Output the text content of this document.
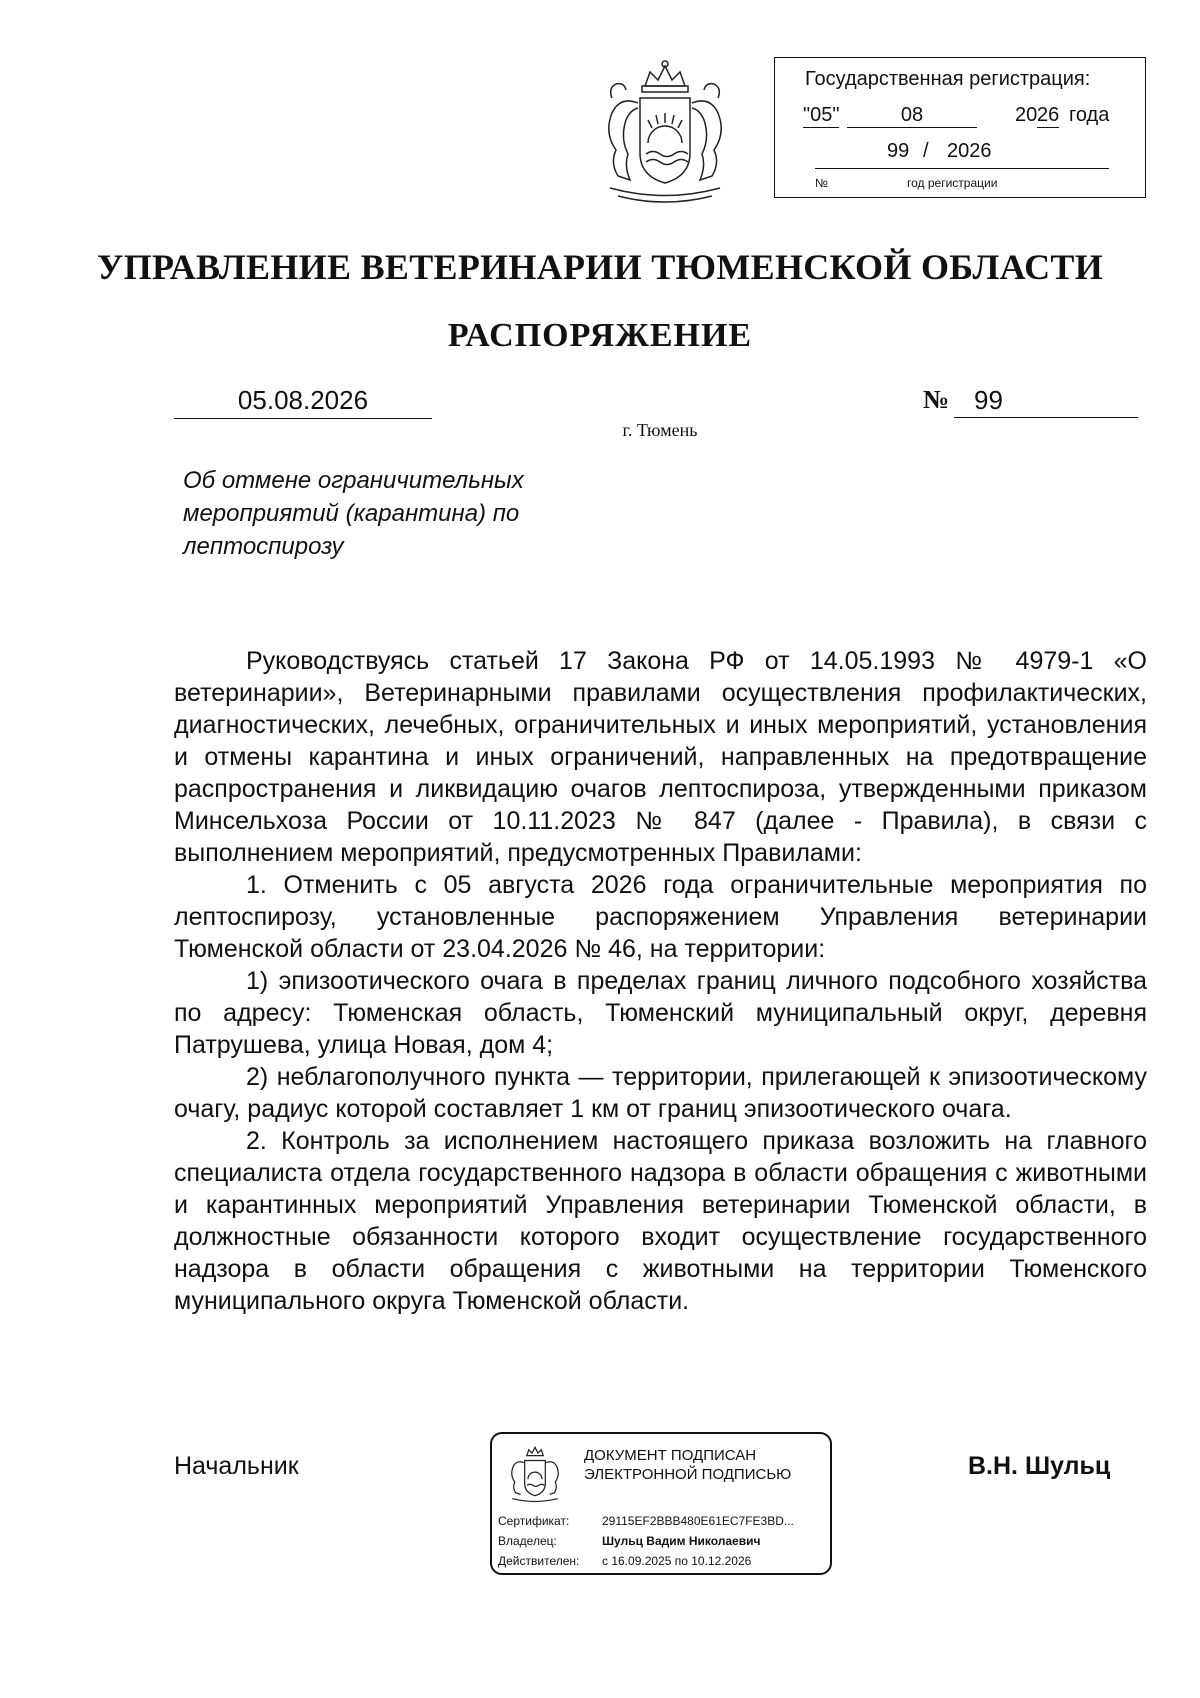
Государственная регистрация:
"05"	08	20 26 года
99 / 2026
№	год регистрации
УПРАВЛЕНИЕ ВЕТЕРИНАРИИ ТЮМЕНСКОЙ ОБЛАСТИ
РАСПОРЯЖЕНИЕ
05.08.2026	№ 99
г. Тюмень
Об отмене ограничительных мероприятий (карантина) по лептоспирозу

Руководствуясь статьей 17 Закона РФ от 14.05.1993 № 4979-1 «О ветеринарии», Ветеринарными правилами осуществления профилактических, диагностических, лечебных, ограничительных и иных мероприятий, установления и отмены карантина и иных ограничений, направленных на предотвращение распространения и ликвидацию очагов лептоспироза, утвержденными приказом Минсельхоза России от 10.11.2023 № 847 (далее - Правила), в связи с выполнением мероприятий, предусмотренных Правилами:

1. Отменить с 05 августа 2026 года ограничительные мероприятия по лептоспирозу, установленные распоряжением Управления ветеринарии Тюменской области от 23.04.2026 № 46, на территории:

1) эпизоотического очага в пределах границ личного подсобного хозяйства по адресу: Тюменская область, Тюменский муниципальный округ, деревня Патрушева, улица Новая, дом 4;

2) неблагополучного пункта — территории, прилегающей к эпизоотическому очагу, радиус которой составляет 1 км от границ эпизоотического очага.

2. Контроль за исполнением настоящего приказа возложить на главного специалиста отдела государственного надзора в области обращения с животными и карантинных мероприятий Управления ветеринарии Тюменской области, в должностные обязанности которого входит осуществление государственного надзора в области обращения с животными на территории Тюменского муниципального округа Тюменской области.

Начальник	В.Н. Шульц
ДОКУМЕНТ ПОДПИСАН
ЭЛЕКТРОННОЙ ПОДПИСЬЮ
Сертификат:	29115EF2BBB480E61EC7FE3BD...
Владелец:	Шульц Вадим Николаевич
Действителен: с 16.09.2025 по 10.12.2026
